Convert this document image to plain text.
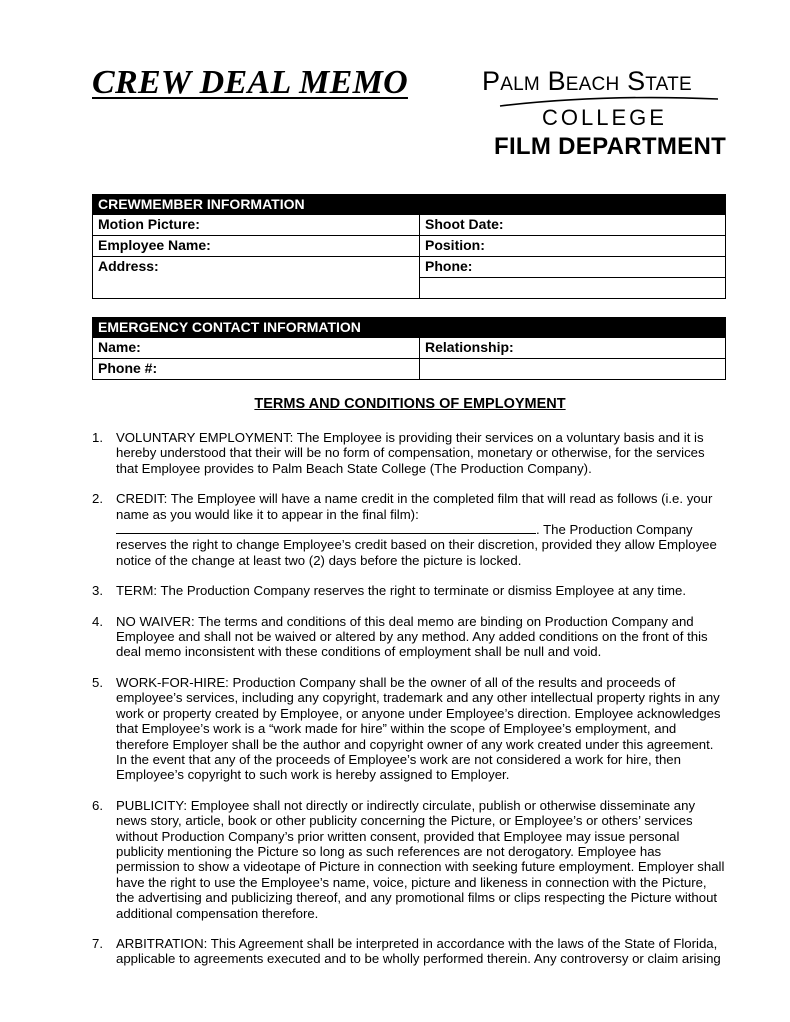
CREW DEAL MEMO	Palm Beach State
COLLEGE
FILM DEPARTMENT
CREWMEMBER INFORMATION	
Motion Picture:	Shoot Date:
Employee Name:	Position:
Address:	Phone:

EMERGENCY CONTACT INFORMATION	
Name:	Relationship:
Phone #:	
TERMS AND CONDITIONS OF EMPLOYMENT
1. VOLUNTARY EMPLOYMENT: The Employee is providing their services on a voluntary basis and it is hereby understood that their will be no form of compensation, monetary or otherwise, for the services that Employee provides to Palm Beach State College (The Production Company).
2. CREDIT: The Employee will have a name credit in the completed film that will read as follows (i.e. your name as you would like it to appear in the final film):
. The Production Company reserves the right to change Employee’s credit based on their discretion, provided they allow Employee notice of the change at least two (2) days before the picture is locked.
3. TERM: The Production Company reserves the right to terminate or dismiss Employee at any time.
4. NO WAIVER: The terms and conditions of this deal memo are binding on Production Company and Employee and shall not be waived or altered by any method. Any added conditions on the front of this deal memo inconsistent with these conditions of employment shall be null and void.
5. WORK-FOR-HIRE: Production Company shall be the owner of all of the results and proceeds of employee’s services, including any copyright, trademark and any other intellectual property rights in any work or property created by Employee, or anyone under Employee’s direction. Employee acknowledges that Employee’s work is a “work made for hire” within the scope of Employee’s employment, and therefore Employer shall be the author and copyright owner of any work created under this agreement. In the event that any of the proceeds of Employee’s work are not considered a work for hire, then Employee’s copyright to such work is hereby assigned to Employer.
6. PUBLICITY: Employee shall not directly or indirectly circulate, publish or otherwise disseminate any news story, article, book or other publicity concerning the Picture, or Employee’s or others’ services without Production Company’s prior written consent, provided that Employee may issue personal publicity mentioning the Picture so long as such references are not derogatory. Employee has permission to show a videotape of Picture in connection with seeking future employment. Employer shall have the right to use the Employee’s name, voice, picture and likeness in connection with the Picture, the advertising and publicizing thereof, and any promotional films or clips respecting the Picture without additional compensation therefore.
7. ARBITRATION: This Agreement shall be interpreted in accordance with the laws of the State of Florida, applicable to agreements executed and to be wholly performed therein. Any controversy or claim arising
